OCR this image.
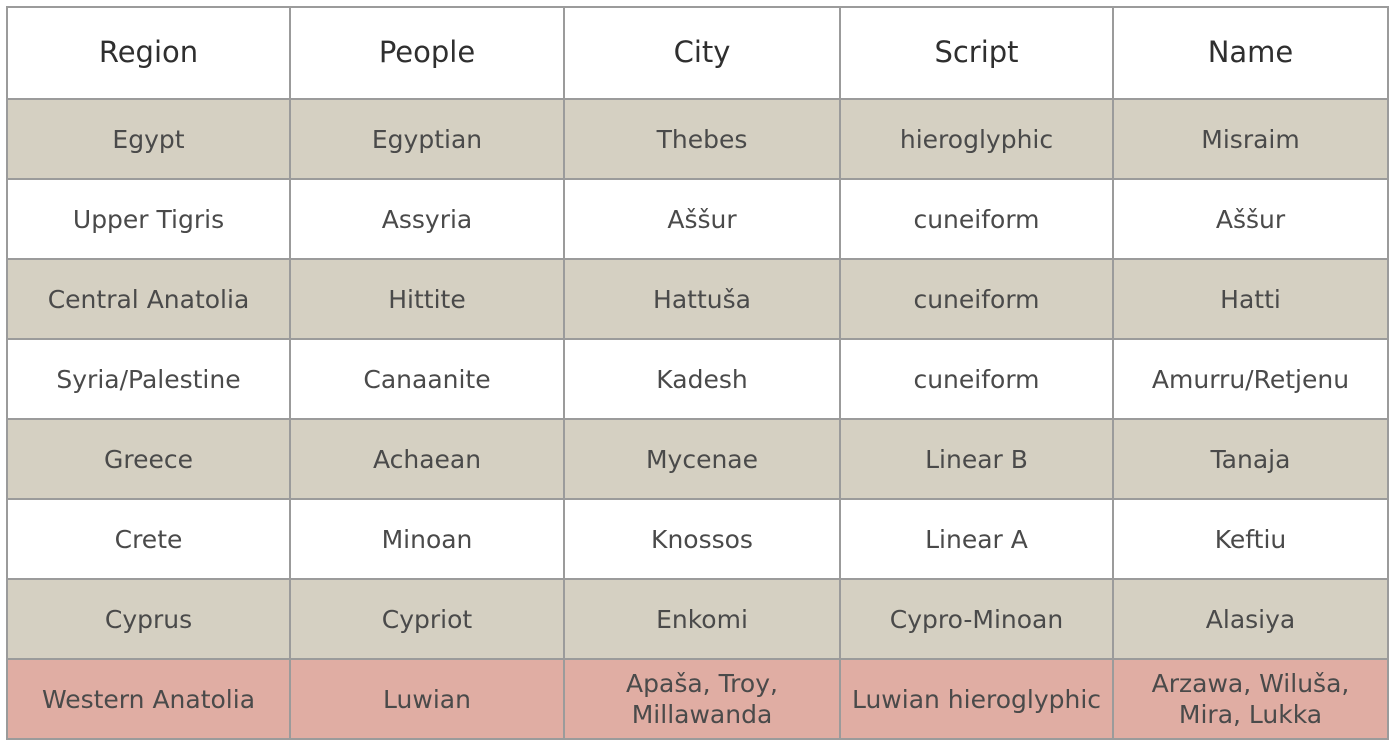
Region	People	City	Script	Name
Egypt	Egyptian	Thebes	hieroglyphic	Misraim
Upper Tigris	Assyria	Aššur	cuneiform	Aššur
Central Anatolia	Hittite	Hattuša	cuneiform	Hatti
Syria/Palestine	Canaanite	Kadesh	cuneiform	Amurru/Retjenu
Greece	Achaean	Mycenae	Linear B	Tanaja
Crete	Minoan	Knossos	Linear A	Keftiu
Cyprus	Cypriot	Enkomi	Cypro-Minoan	Alasiya
Western Anatolia	Luwian	Apaša, Troy, Millawanda	Luwian hieroglyphic	Arzawa, Wiluša, Mira, Lukka
